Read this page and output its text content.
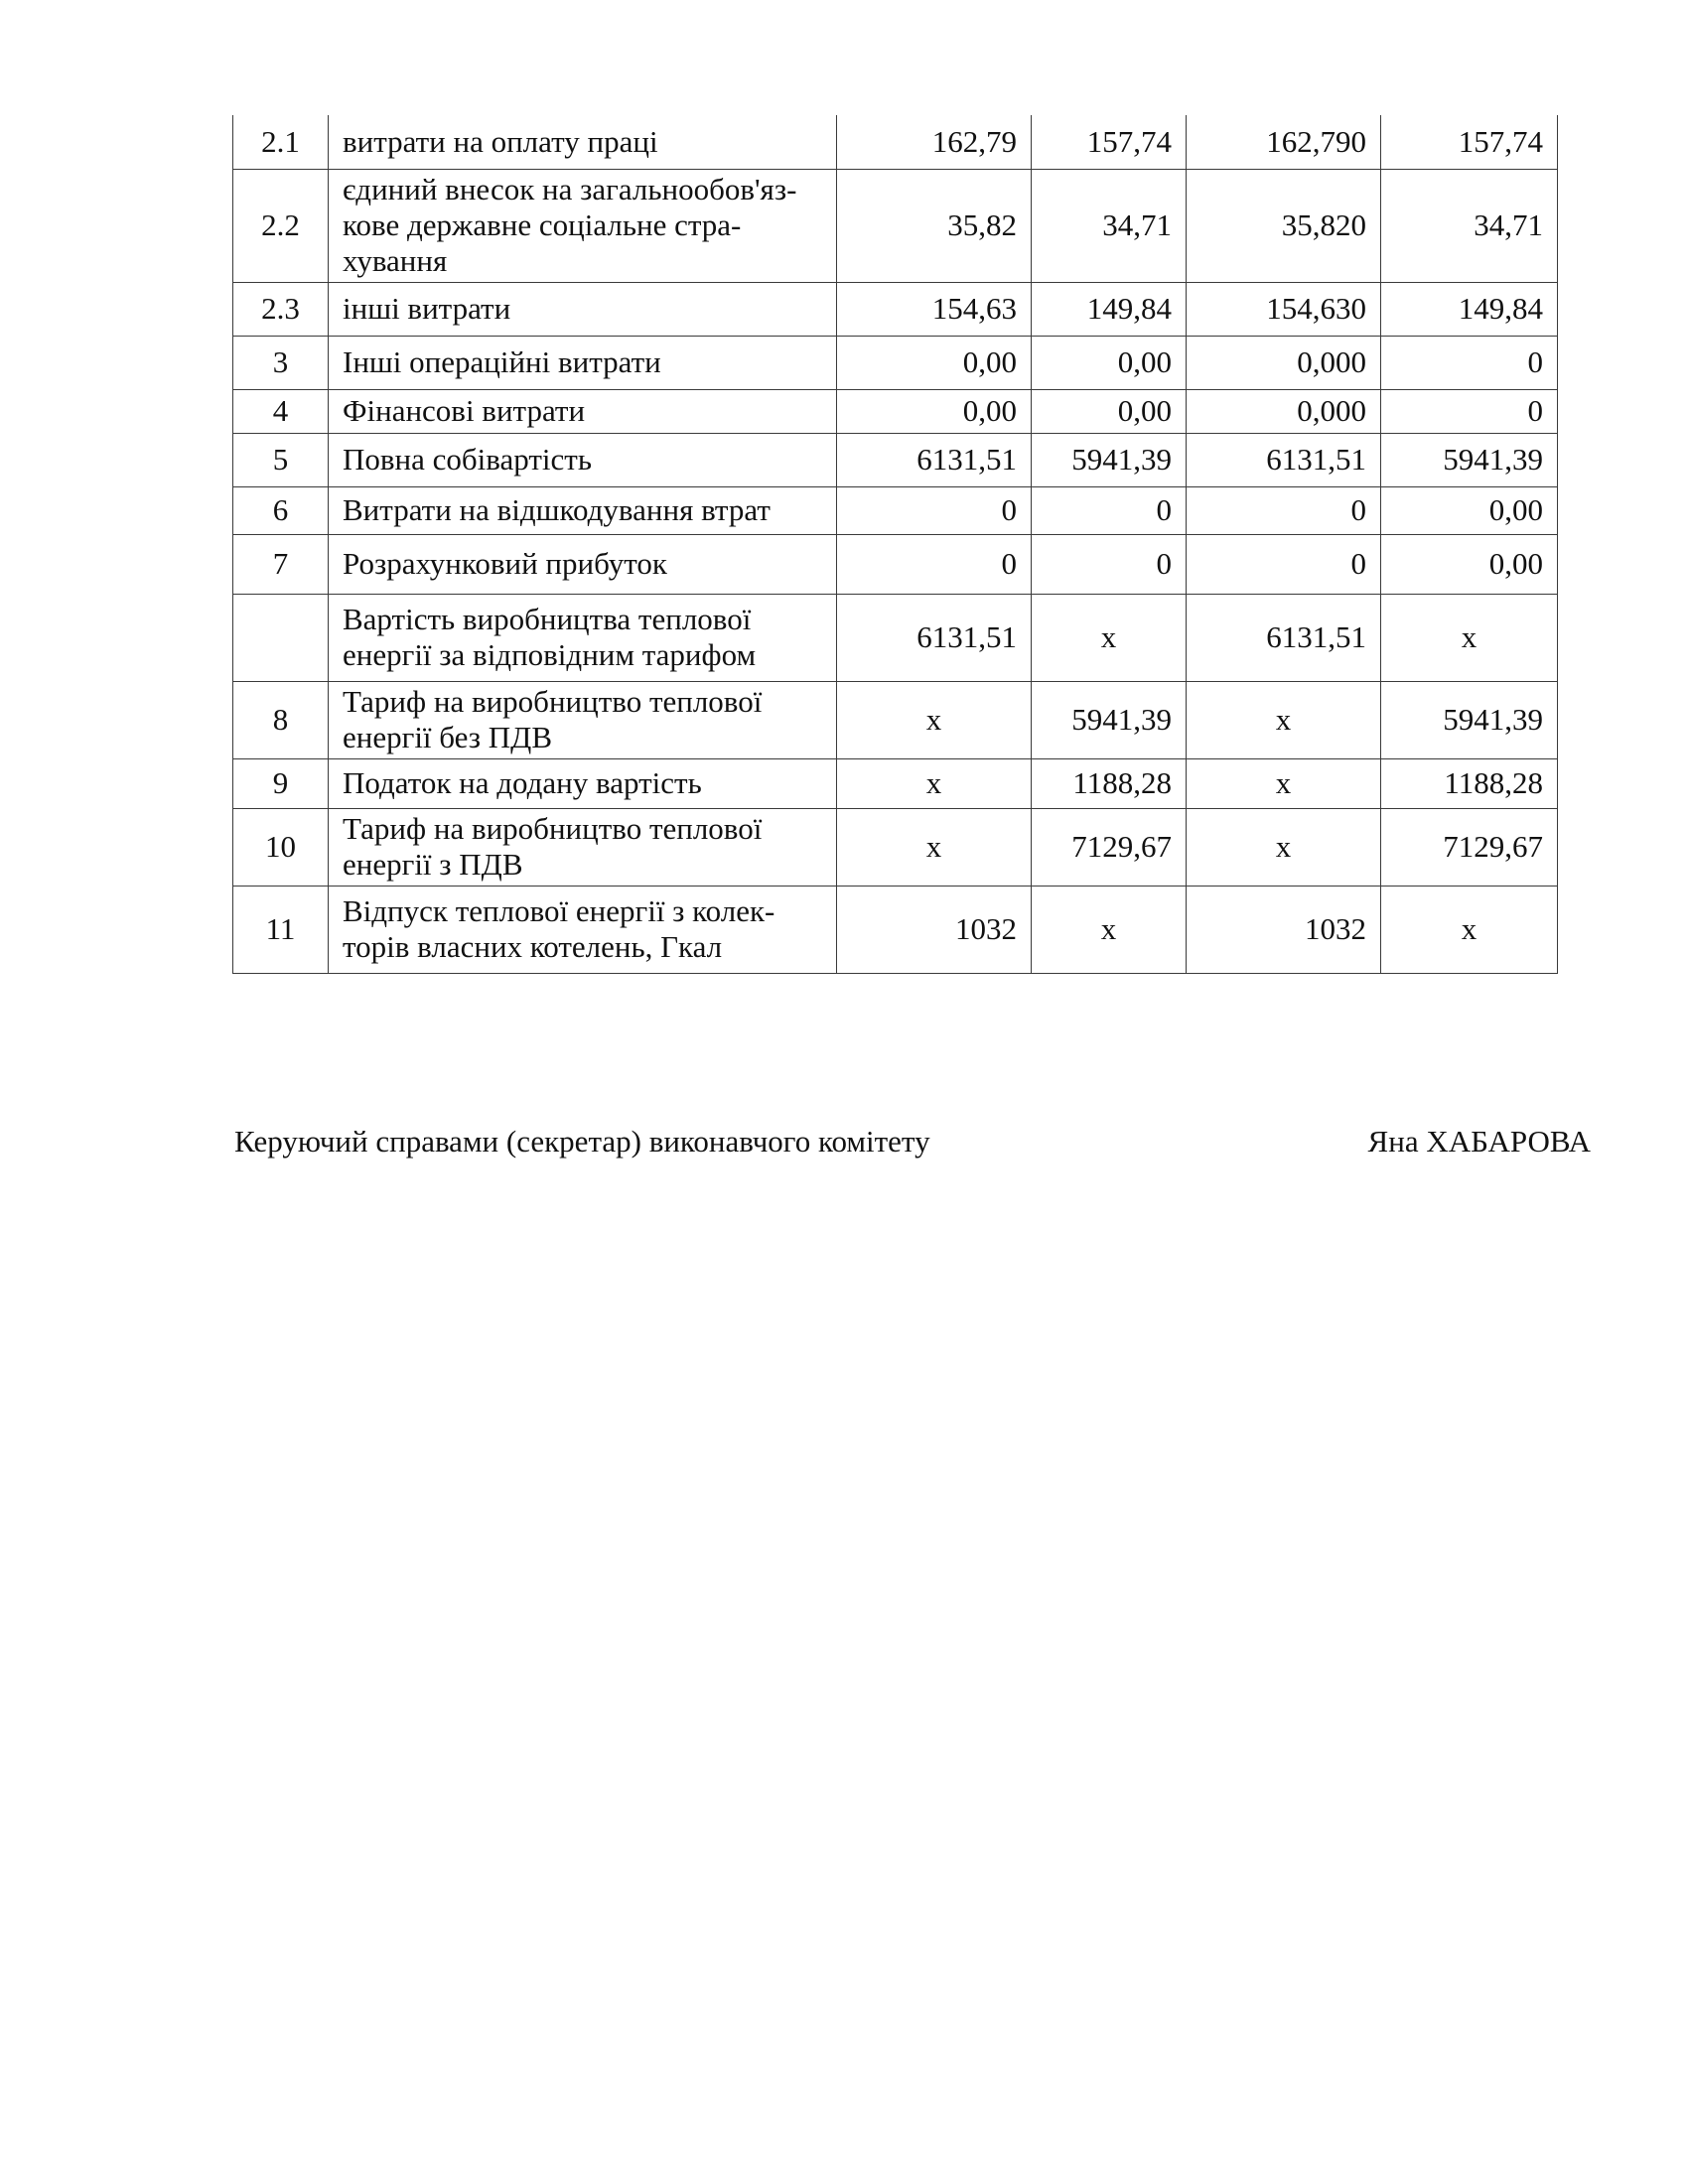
2.1	витрати на оплату праці	162,79	157,74	162,790	157,74
2.2	єдиний внесок на загальнообов'яз-
кове державне соціальне стра-
хування	35,82	34,71	35,820	34,71
2.3	інші витрати	154,63	149,84	154,630	149,84
3	Інші операційні витрати	0,00	0,00	0,000	0
4	Фінансові витрати	0,00	0,00	0,000	0
5	Повна собівартість	6131,51	5941,39	6131,51	5941,39
6	Витрати на відшкодування втрат	0	0	0	0,00
7	Розрахунковий прибуток	0	0	0	0,00
	Вартість виробництва теплової
енергії за відповідним тарифом	6131,51	x	6131,51	x
8	Тариф на виробництво теплової
енергії без ПДВ	x	5941,39	x	5941,39
9	Податок на додану вартість	x	1188,28	x	1188,28
10	Тариф на виробництво теплової
енергії з ПДВ	x	7129,67	x	7129,67
11	Відпуск теплової енергії з колек-
торів власних котелень, Гкал	1032	x	1032	x
Керуючий справами (секретар) виконавчого комітету	Яна ХАБАРОВА
